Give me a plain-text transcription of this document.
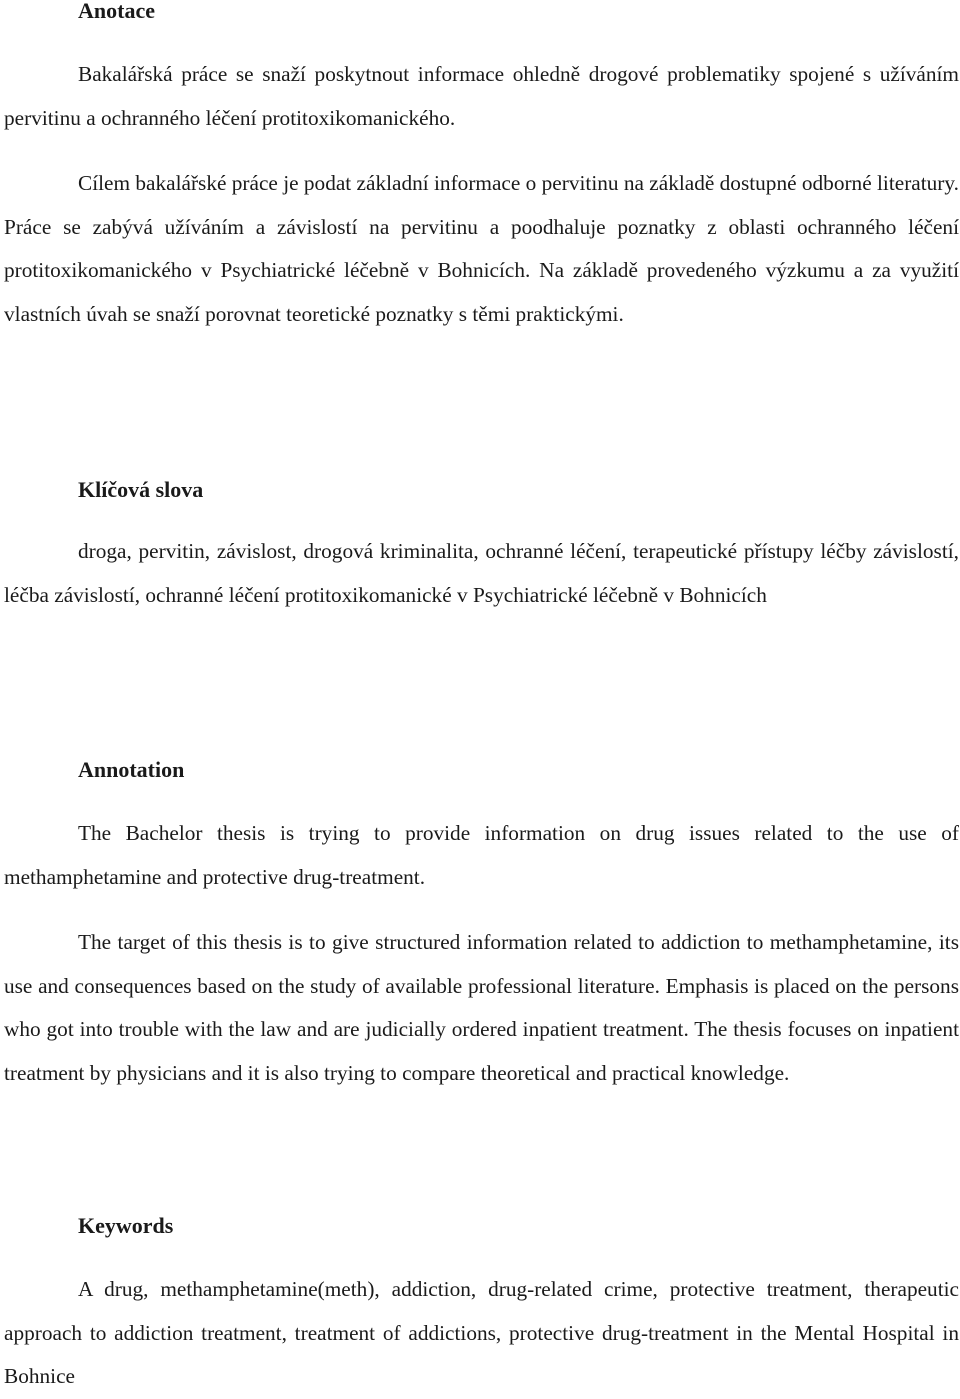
Anotace

Bakalářská práce se snaží poskytnout informace ohledně drogové problematiky spojené s užíváním pervitinu a ochranného léčení protitoxikomanického.

Cílem bakalářské práce je podat základní informace o pervitinu na základě dostupné odborné literatury. Práce se zabývá užíváním a závislostí na pervitinu a poodhaluje poznatky z oblasti ochranného léčení protitoxikomanického v Psychiatrické léčebně v Bohnicích. Na základě provedeného výzkumu a za využití vlastních úvah se snaží porovnat teoretické poznatky s těmi praktickými.

Klíčová slova

droga, pervitin, závislost, drogová kriminalita, ochranné léčení, terapeutické přístupy léčby závislostí, léčba závislostí, ochranné léčení protitoxikomanické v Psychiatrické léčebně v Bohnicích

Annotation

The Bachelor thesis is trying to provide information on drug issues related to the use of methamphetamine and protective drug-treatment.

The target of this thesis is to give structured information related to addiction to methamphetamine, its use and consequences based on the study of available professional literature. Emphasis is placed on the persons who got into trouble with the law and are judicially ordered inpatient treatment. The thesis focuses on inpatient treatment by physicians and it is also trying to compare theoretical and practical knowledge.

Keywords

A drug, methamphetamine(meth), addiction, drug-related crime, protective treatment, therapeutic approach to addiction treatment, treatment of addictions, protective drug-treatment in the Mental Hospital in Bohnice
